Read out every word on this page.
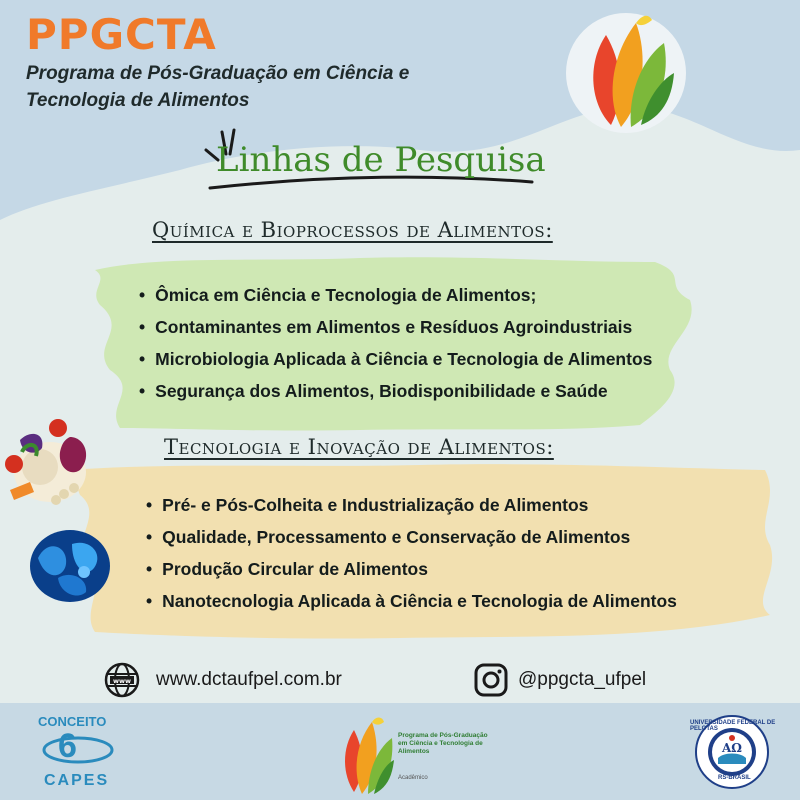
PPGCTA
Programa de Pós-Graduação em Ciência e Tecnologia de Alimentos
Linhas de Pesquisa
Química e Bioprocessos de Alimentos:
• Ômica em Ciência e Tecnologia de Alimentos;
• Contaminantes em Alimentos e Resíduos Agroindustriais
• Microbiologia Aplicada à Ciência e Tecnologia de Alimentos
• Segurança dos Alimentos, Biodisponibilidade e Saúde
Tecnologia e Inovação de Alimentos:
• Pré- e Pós-Colheita e Industrialização de Alimentos
• Qualidade, Processamento e Conservação de Alimentos
• Produção Circular de Alimentos
• Nanotecnologia Aplicada à Ciência e Tecnologia de Alimentos
www www.dctaufpel.com.br	@ppgcta_ufpel
CONCEITO
6
CAPES
Programa de Pós-Graduação em Ciência e Tecnologia de Alimentos
Acadêmico
AΩ
UNIVERSIDADE FEDERAL DE PELOTAS
RS-BRASIL
